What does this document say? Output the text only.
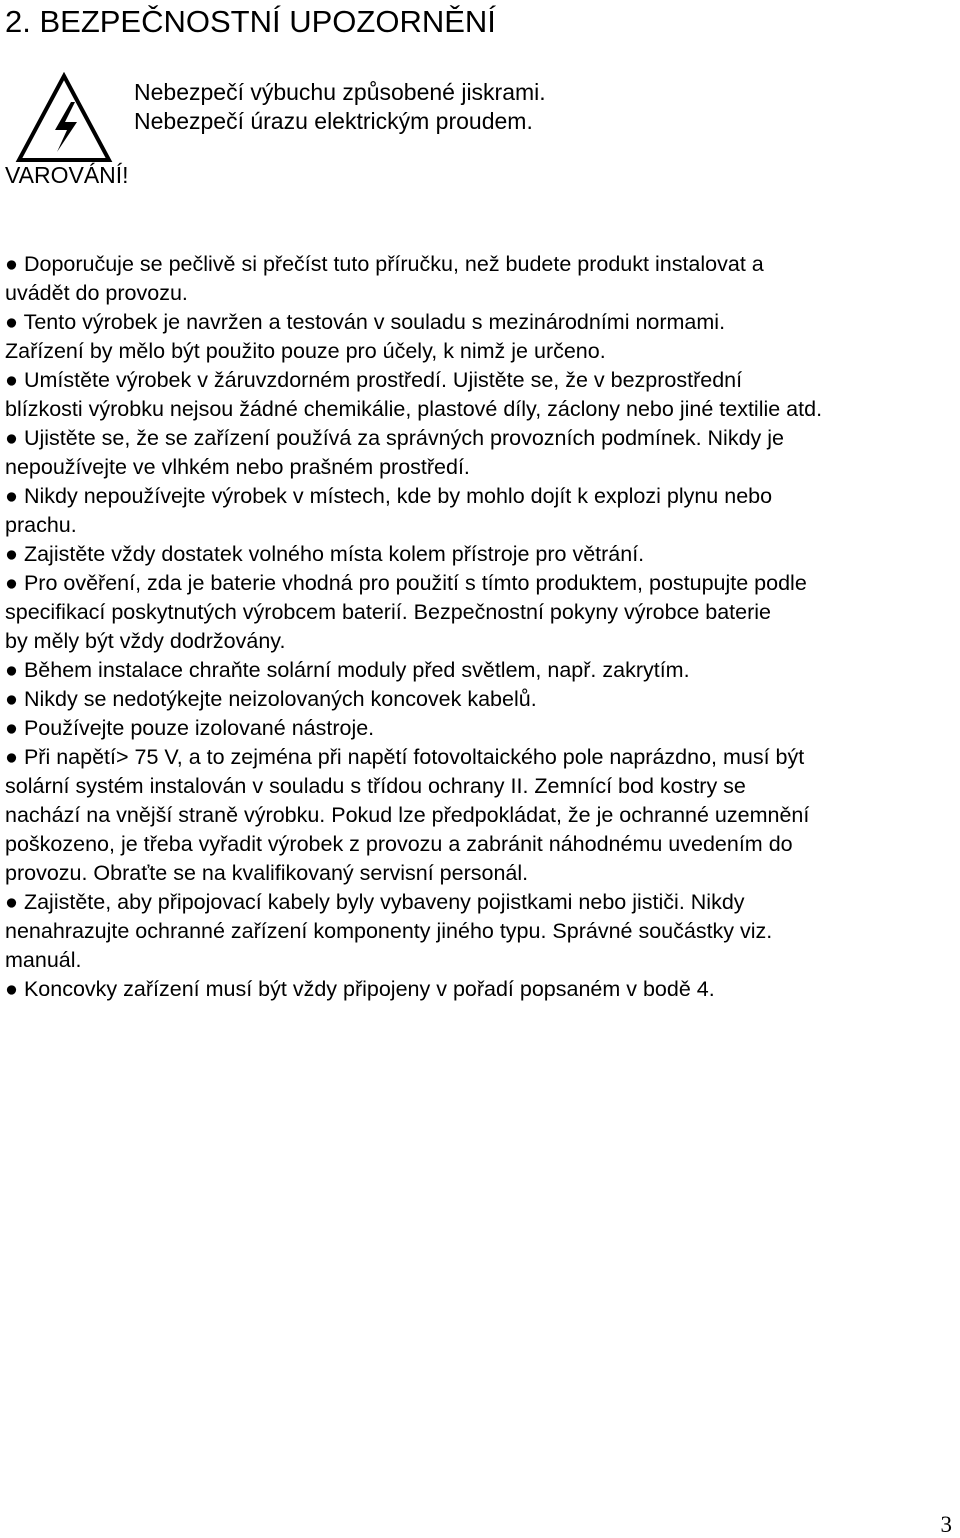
2. BEZPEČNOSTNÍ UPOZORNĚNÍ
VAROVÁNÍ!
Nebezpečí výbuchu způsobené jiskrami.
Nebezpečí úrazu elektrickým proudem.
● Doporučuje se pečlivě si přečíst tuto příručku, než budete produkt instalovat a
uvádět do provozu.
● Tento výrobek je navržen a testován v souladu s mezinárodními normami.
Zařízení by mělo být použito pouze pro účely, k nimž je určeno.
● Umístěte výrobek v žáruvzdorném prostředí. Ujistěte se, že v bezprostřední
blízkosti výrobku nejsou žádné chemikálie, plastové díly, záclony nebo jiné textilie atd.
● Ujistěte se, že se zařízení používá za správných provozních podmínek. Nikdy je
nepoužívejte ve vlhkém nebo prašném prostředí.
● Nikdy nepoužívejte výrobek v místech, kde by mohlo dojít k explozi plynu nebo
prachu.
● Zajistěte vždy dostatek volného místa kolem přístroje pro větrání.
● Pro ověření, zda je baterie vhodná pro použití s tímto produktem, postupujte podle
specifikací poskytnutých výrobcem baterií. Bezpečnostní pokyny výrobce baterie
by měly být vždy dodržovány.
● Během instalace chraňte solární moduly před světlem, např. zakrytím.
● Nikdy se nedotýkejte neizolovaných koncovek kabelů.
● Používejte pouze izolované nástroje.
● Při napětí> 75 V, a to zejména při napětí fotovoltaického pole naprázdno, musí být
solární systém instalován v souladu s třídou ochrany II. Zemnící bod kostry se
nachází na vnější straně výrobku. Pokud lze předpokládat, že je ochranné uzemnění
poškozeno, je třeba vyřadit výrobek z provozu a zabránit náhodnému uvedením do
provozu. Obraťte se na kvalifikovaný servisní personál.
● Zajistěte, aby připojovací kabely byly vybaveny pojistkami nebo jističi. Nikdy
nenahrazujte ochranné zařízení komponenty jiného typu. Správné součástky viz.
manuál.
● Koncovky zařízení musí být vždy připojeny v pořadí popsaném v bodě 4.
3
